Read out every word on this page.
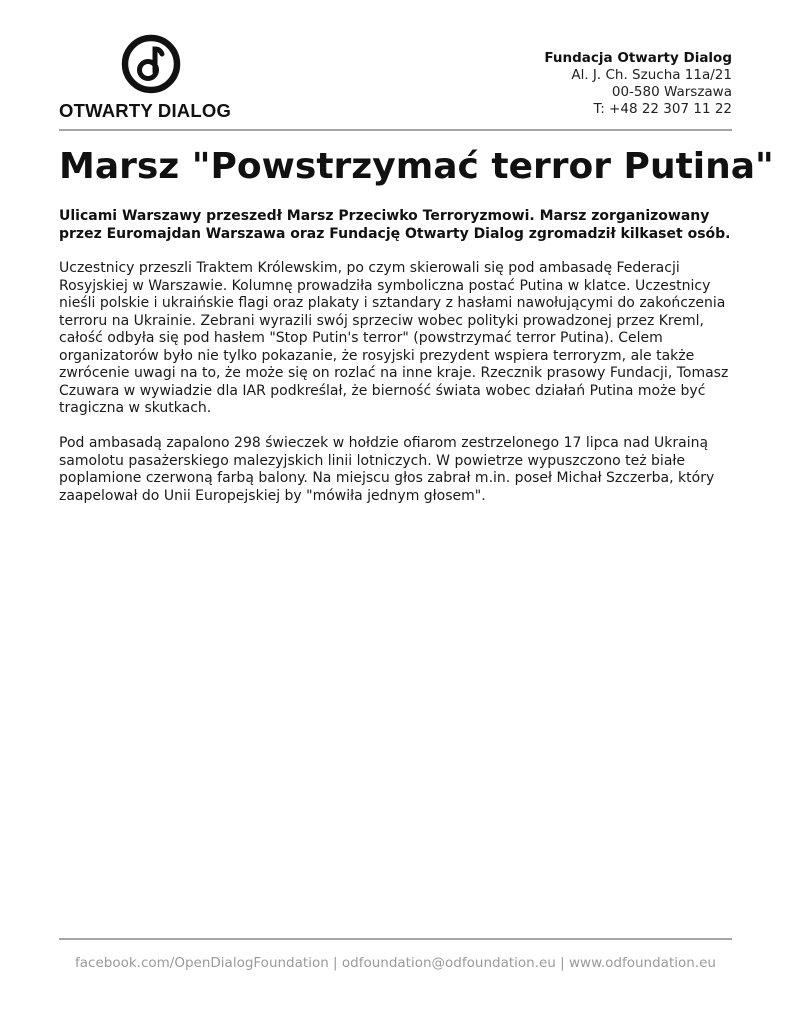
OTWARTY DIALOG
Fundacja Otwarty Dialog
Al. J. Ch. Szucha 11a/21
00-580 Warszawa
T: +48 22 307 11 22
Marsz "Powstrzymać terror Putina"

Ulicami Warszawy przeszedł Marsz Przeciwko Terroryzmowi. Marsz zorganizowany przez Euromajdan Warszawa oraz Fundację Otwarty Dialog zgromadził kilkaset osób.

Uczestnicy przeszli Traktem Królewskim, po czym skierowali się pod ambasadę Federacji Rosyjskiej w Warszawie. Kolumnę prowadziła symboliczna postać Putina w klatce. Uczestnicy nieśli polskie i ukraińskie flagi oraz plakaty i sztandary z hasłami nawołującymi do zakończenia terroru na Ukrainie. Zebrani wyrazili swój sprzeciw wobec polityki prowadzonej przez Kreml, całość odbyła się pod hasłem "Stop Putin's terror" (powstrzymać terror Putina). Celem organizatorów było nie tylko pokazanie, że rosyjski prezydent wspiera terroryzm, ale także zwrócenie uwagi na to, że może się on rozlać na inne kraje. Rzecznik prasowy Fundacji, Tomasz Czuwara w wywiadzie dla IAR podkreślał, że bierność świata wobec działań Putina może być tragiczna w skutkach.

Pod ambasadą zapalono 298 świeczek w hołdzie ofiarom zestrzelonego 17 lipca nad Ukrainą samolotu pasażerskiego malezyjskich linii lotniczych. W powietrze wypuszczono też białe poplamione czerwoną farbą balony. Na miejscu głos zabrał m.in. poseł Michał Szczerba, który zaapelował do Unii Europejskiej by "mówiła jednym głosem".

facebook.com/OpenDialogFoundation | odfoundation@odfoundation.eu | www.odfoundation.eu
